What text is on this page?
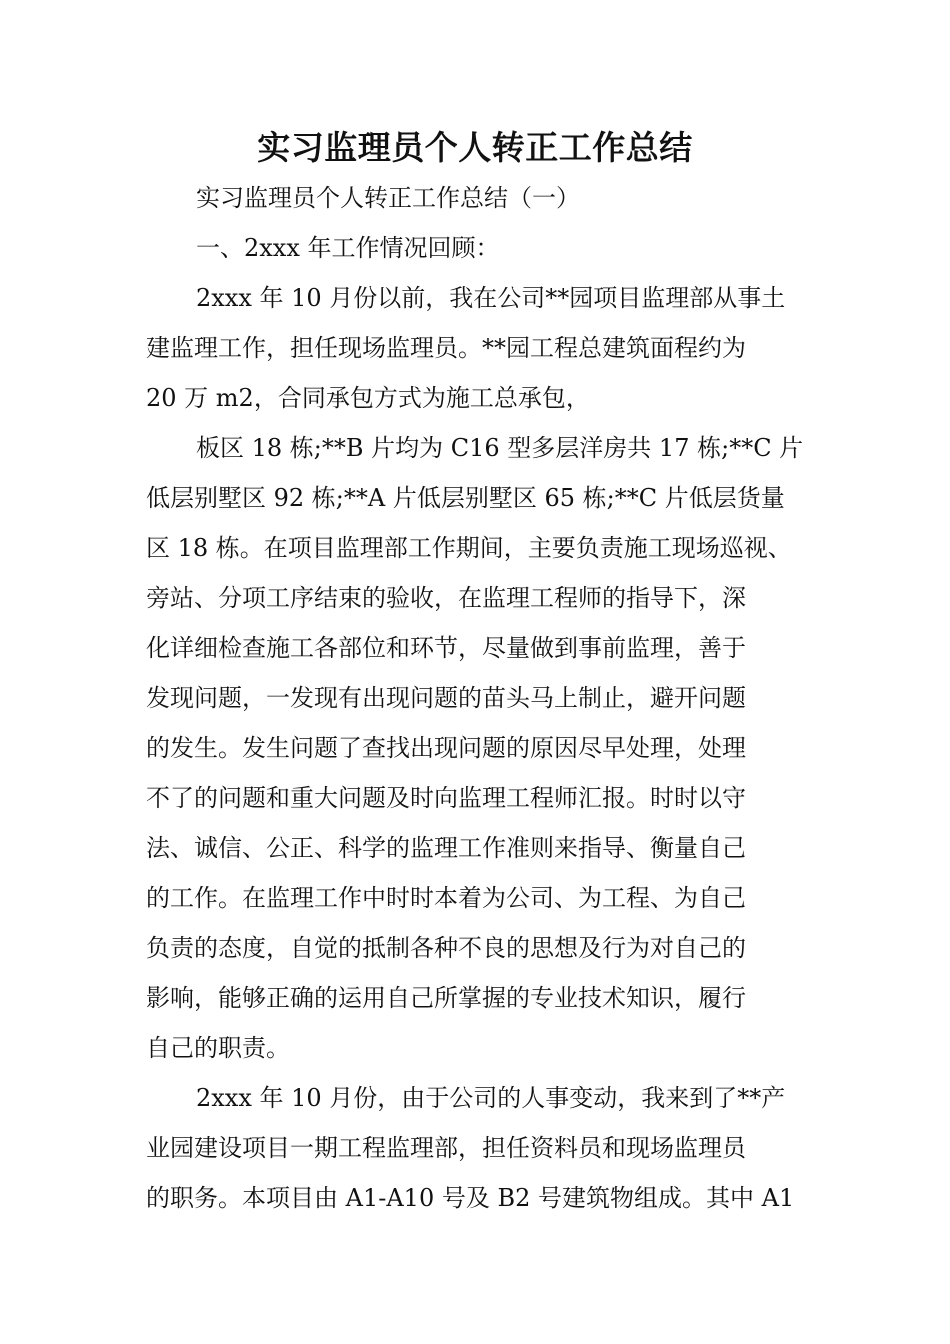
实习监理员个人转正工作总结
实习监理员个人转正工作总结（一）
一、2xxx 年工作情况回顾：
2xxx 年 10 月份以前，我在公司**园项目监理部从事土
建监理工作，担任现场监理员。**园工程总建筑面程约为
20 万 m2，合同承包方式为施工总承包，
板区 18 栋;**B 片均为 C16 型多层洋房共 17 栋;**C 片
低层别墅区 92 栋;**A 片低层别墅区 65 栋;**C 片低层货量
区 18 栋。在项目监理部工作期间，主要负责施工现场巡视、
旁站、分项工序结束的验收，在监理工程师的指导下，深
化详细检查施工各部位和环节，尽量做到事前监理，善于
发现问题，一发现有出现问题的苗头马上制止，避开问题
的发生。发生问题了查找出现问题的原因尽早处理，处理
不了的问题和重大问题及时向监理工程师汇报。时时以守
法、诚信、公正、科学的监理工作准则来指导、衡量自己
的工作。在监理工作中时时本着为公司、为工程、为自己
负责的态度，自觉的抵制各种不良的思想及行为对自己的
影响，能够正确的运用自己所掌握的专业技术知识，履行
自己的职责。
2xxx 年 10 月份，由于公司的人事变动，我来到了**产
业园建设项目一期工程监理部，担任资料员和现场监理员
的职务。本项目由 A1-A10 号及 B2 号建筑物组成。其中 A1
